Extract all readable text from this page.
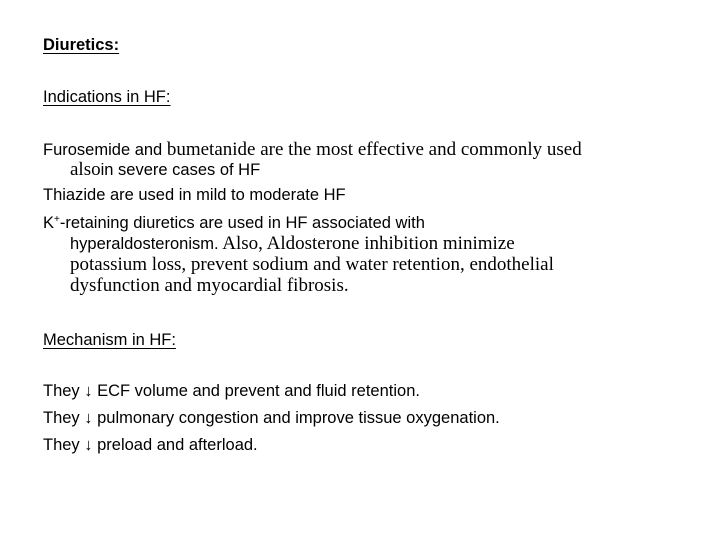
Diuretics:
Indications in HF:
Furosemide and bumetanide are the most effective and commonly used
alsoin severe cases of HF
Thiazide are used in mild to moderate HF
K+-retaining diuretics are used in HF associated with
hyperaldosteronism. Also, Aldosterone inhibition minimize
potassium loss, prevent sodium and water retention, endothelial
dysfunction and myocardial fibrosis.
Mechanism in HF:
They ↓ ECF volume and prevent and fluid retention.
They ↓ pulmonary congestion and improve tissue oxygenation.
They ↓ preload and afterload.
